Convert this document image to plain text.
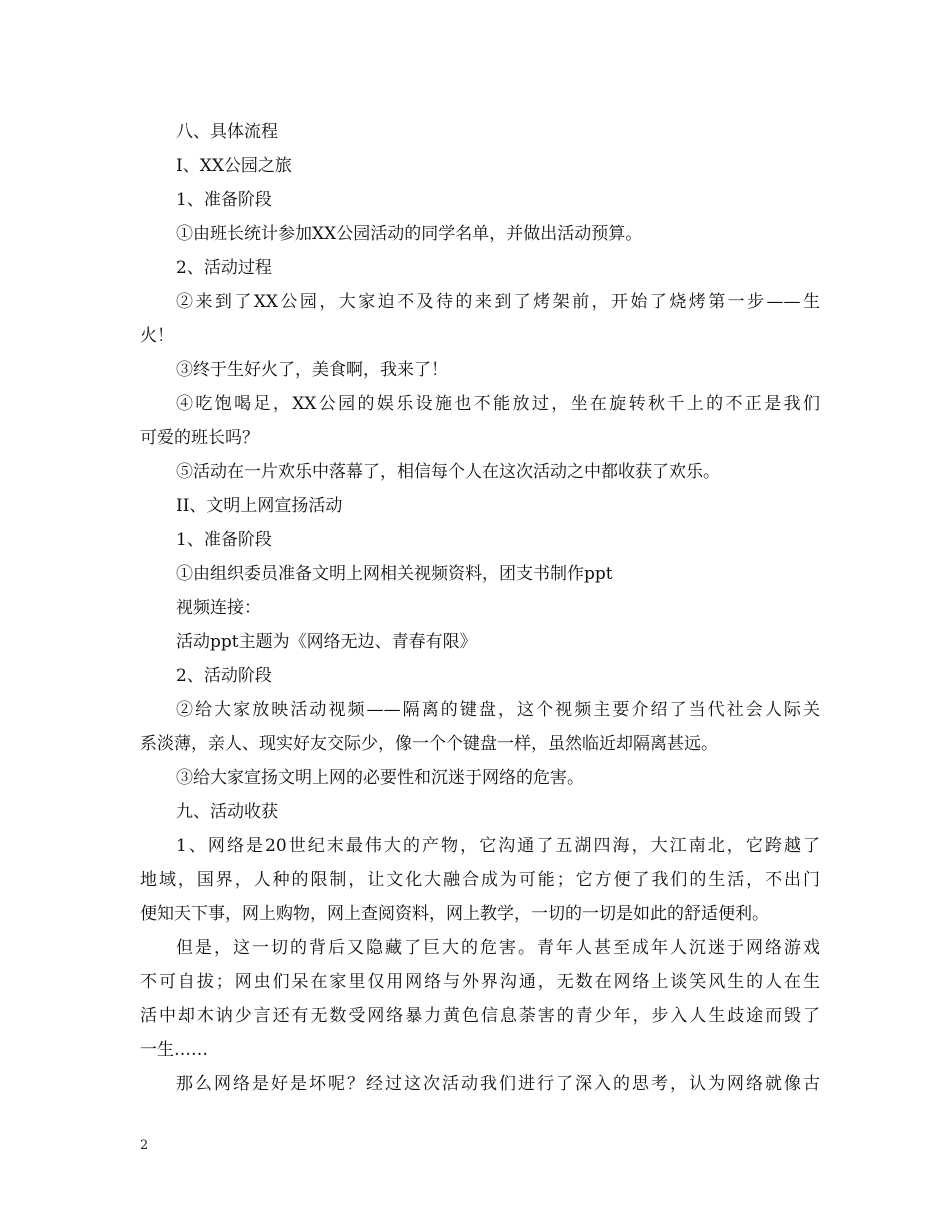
八、具体流程
I、XX公园之旅
1、准备阶段
①由班长统计参加XX公园活动的同学名单，并做出活动预算。
2、活动过程
②来到了XX公园，大家迫不及待的来到了烤架前，开始了烧烤第一步——生
火！
③终于生好火了，美食啊，我来了！
④吃饱喝足，XX公园的娱乐设施也不能放过，坐在旋转秋千上的不正是我们
可爱的班长吗？
⑤活动在一片欢乐中落幕了，相信每个人在这次活动之中都收获了欢乐。
II、文明上网宣扬活动
1、准备阶段
①由组织委员准备文明上网相关视频资料，团支书制作ppt
视频连接：
活动ppt主题为《网络无边、青春有限》
2、活动阶段
②给大家放映活动视频——隔离的键盘，这个视频主要介绍了当代社会人际关
系淡薄，亲人、现实好友交际少，像一个个键盘一样，虽然临近却隔离甚远。
③给大家宣扬文明上网的必要性和沉迷于网络的危害。
九、活动收获
1、网络是20世纪末最伟大的产物，它沟通了五湖四海，大江南北，它跨越了
地域，国界，人种的限制，让文化大融合成为可能；它方便了我们的生活，不出门
便知天下事，网上购物，网上查阅资料，网上教学，一切的一切是如此的舒适便利。
但是，这一切的背后又隐藏了巨大的危害。青年人甚至成年人沉迷于网络游戏
不可自拔；网虫们呆在家里仅用网络与外界沟通，无数在网络上谈笑风生的人在生
活中却木讷少言还有无数受网络暴力黄色信息荼害的青少年，步入人生歧途而毁了
一生……
那么网络是好是坏呢？经过这次活动我们进行了深入的思考，认为网络就像古
2
